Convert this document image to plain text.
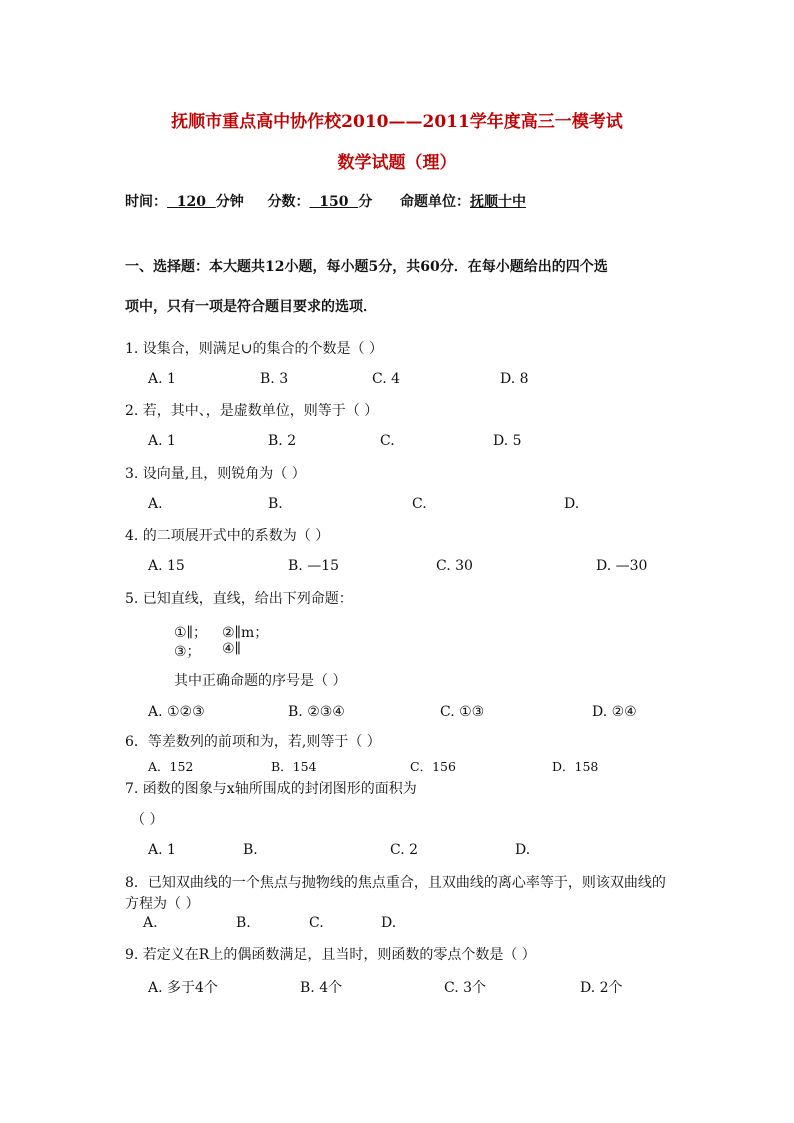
抚顺市重点高中协作校2010——2011学年度高三一模考试
数学试题（理）
时间：  120  分钟 分数：  150  分 命题单位：抚顺十中
一、选择题：本大题共12小题，每小题5分，共60分．在每小题给出的四个选
项中，只有一项是符合题目要求的选项．
1. 设集合，则满足∪的集合的个数是（ ）
A. 1	B. 3	C. 4	D. 8
2. 若，其中、，是虚数单位，则等于（ ）
A. 1	B. 2	C.	D. 5
3. 设向量,且，则锐角为（ ）
A.	B.	C.	D.
4. 的二项展开式中的系数为（ ）
A. 15	B. —15	C. 30	D. —30
5. 已知直线，直线，给出下列命题：
①∥； ②∥m；
③； ④∥
其中正确命题的序号是（ ）
A. ①②③	B. ②③④	C. ①③	D. ②④
6．等差数列的前项和为，若,则等于（ ）
A．152	B．154	C．156	D．158
7. 函数的图象与x轴所围成的封闭图形的面积为
（ ）
A. 1	B.	C. 2	D.
8．已知双曲线的一个焦点与抛物线的焦点重合，且双曲线的离心率等于，则该双曲线的
方程为（ ）
A.	B.	C.	D.
9. 若定义在R上的偶函数满足，且当时，则函数的零点个数是（ ）
A. 多于4个	B. 4个	C. 3个	D. 2个
